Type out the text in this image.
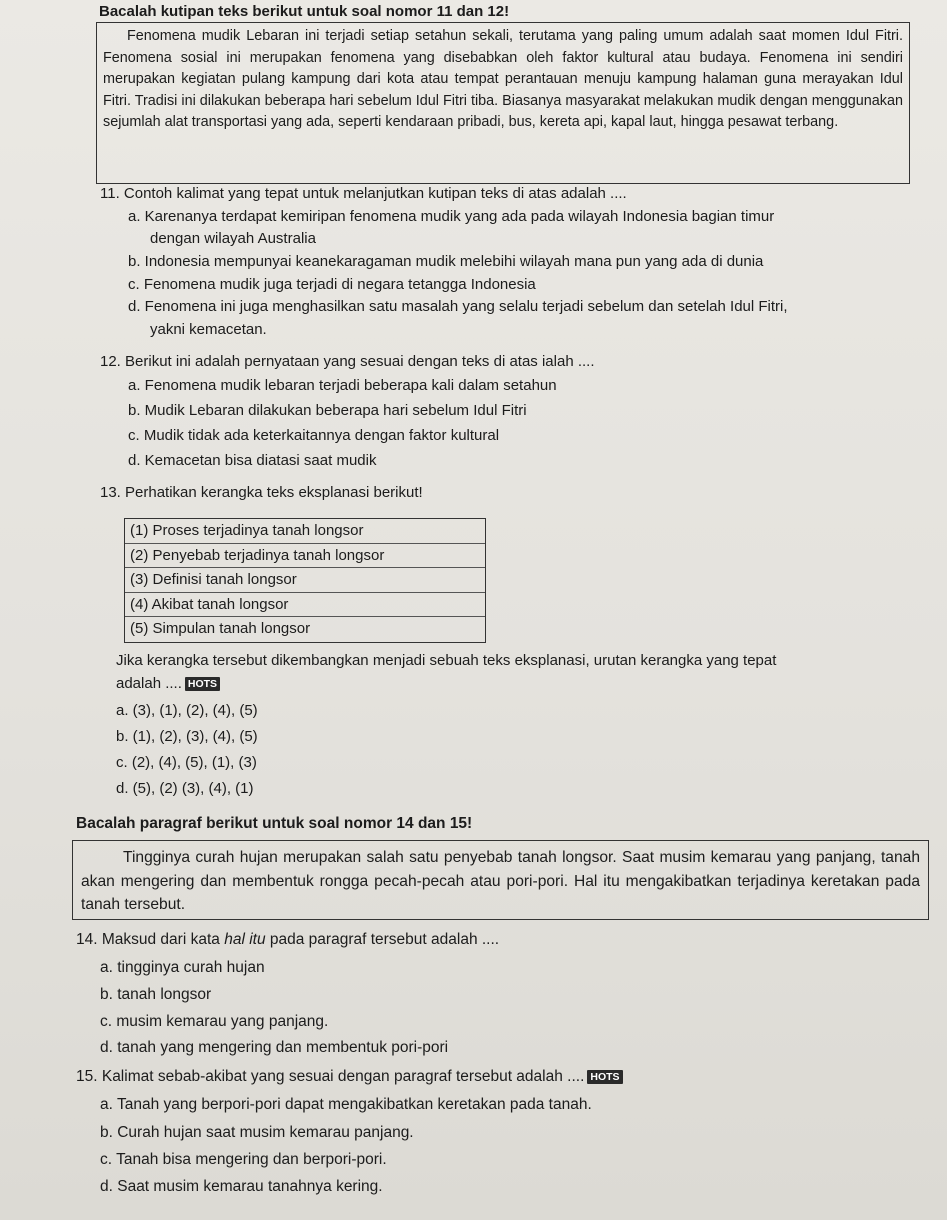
Bacalah kutipan teks berikut untuk soal nomor 11 dan 12!

Fenomena mudik Lebaran ini terjadi setiap setahun sekali, terutama yang paling umum adalah saat momen Idul Fitri. Fenomena sosial ini merupakan fenomena yang disebabkan oleh faktor kultural atau budaya. Fenomena ini sendiri merupakan kegiatan pulang kampung dari kota atau tempat perantauan menuju kampung halaman guna merayakan Idul Fitri. Tradisi ini dilakukan beberapa hari sebelum Idul Fitri tiba. Biasanya masyarakat melakukan mudik dengan menggunakan sejumlah alat transportasi yang ada, seperti kendaraan pribadi, bus, kereta api, kapal laut, hingga pesawat terbang.

11. Contoh kalimat yang tepat untuk melanjutkan kutipan teks di atas adalah ....
a. Karenanya terdapat kemiripan fenomena mudik yang ada pada wilayah Indonesia bagian timur
dengan wilayah Australia
b. Indonesia mempunyai keanekaragaman mudik melebihi wilayah mana pun yang ada di dunia
c. Fenomena mudik juga terjadi di negara tetangga Indonesia
d. Fenomena ini juga menghasilkan satu masalah yang selalu terjadi sebelum dan setelah Idul Fitri,
yakni kemacetan.
12. Berikut ini adalah pernyataan yang sesuai dengan teks di atas ialah ....
a. Fenomena mudik lebaran terjadi beberapa kali dalam setahun
b. Mudik Lebaran dilakukan beberapa hari sebelum Idul Fitri
c. Mudik tidak ada keterkaitannya dengan faktor kultural
d. Kemacetan bisa diatasi saat mudik
13. Perhatikan kerangka teks eksplanasi berikut!
(1) Proses terjadinya tanah longsor
(2) Penyebab terjadinya tanah longsor
(3) Definisi tanah longsor
(4) Akibat tanah longsor
(5) Simpulan tanah longsor
Jika kerangka tersebut dikembangkan menjadi sebuah teks eksplanasi, urutan kerangka yang tepat
adalah .... HOTS
a. (3), (1), (2), (4), (5)
b. (1), (2), (3), (4), (5)
c. (2), (4), (5), (1), (3)
d. (5), (2) (3), (4), (1)
Bacalah paragraf berikut untuk soal nomor 14 dan 15!

Tingginya curah hujan merupakan salah satu penyebab tanah longsor. Saat musim kemarau yang panjang, tanah akan mengering dan membentuk rongga pecah-pecah atau pori-pori. Hal itu mengakibatkan terjadinya keretakan pada tanah tersebut.

14. Maksud dari kata hal itu pada paragraf tersebut adalah ....
a. tingginya curah hujan
b. tanah longsor
c. musim kemarau yang panjang.
d. tanah yang mengering dan membentuk pori-pori
15. Kalimat sebab-akibat yang sesuai dengan paragraf tersebut adalah .... HOTS
a. Tanah yang berpori-pori dapat mengakibatkan keretakan pada tanah.
b. Curah hujan saat musim kemarau panjang.
c. Tanah bisa mengering dan berpori-pori.
d. Saat musim kemarau tanahnya kering.
